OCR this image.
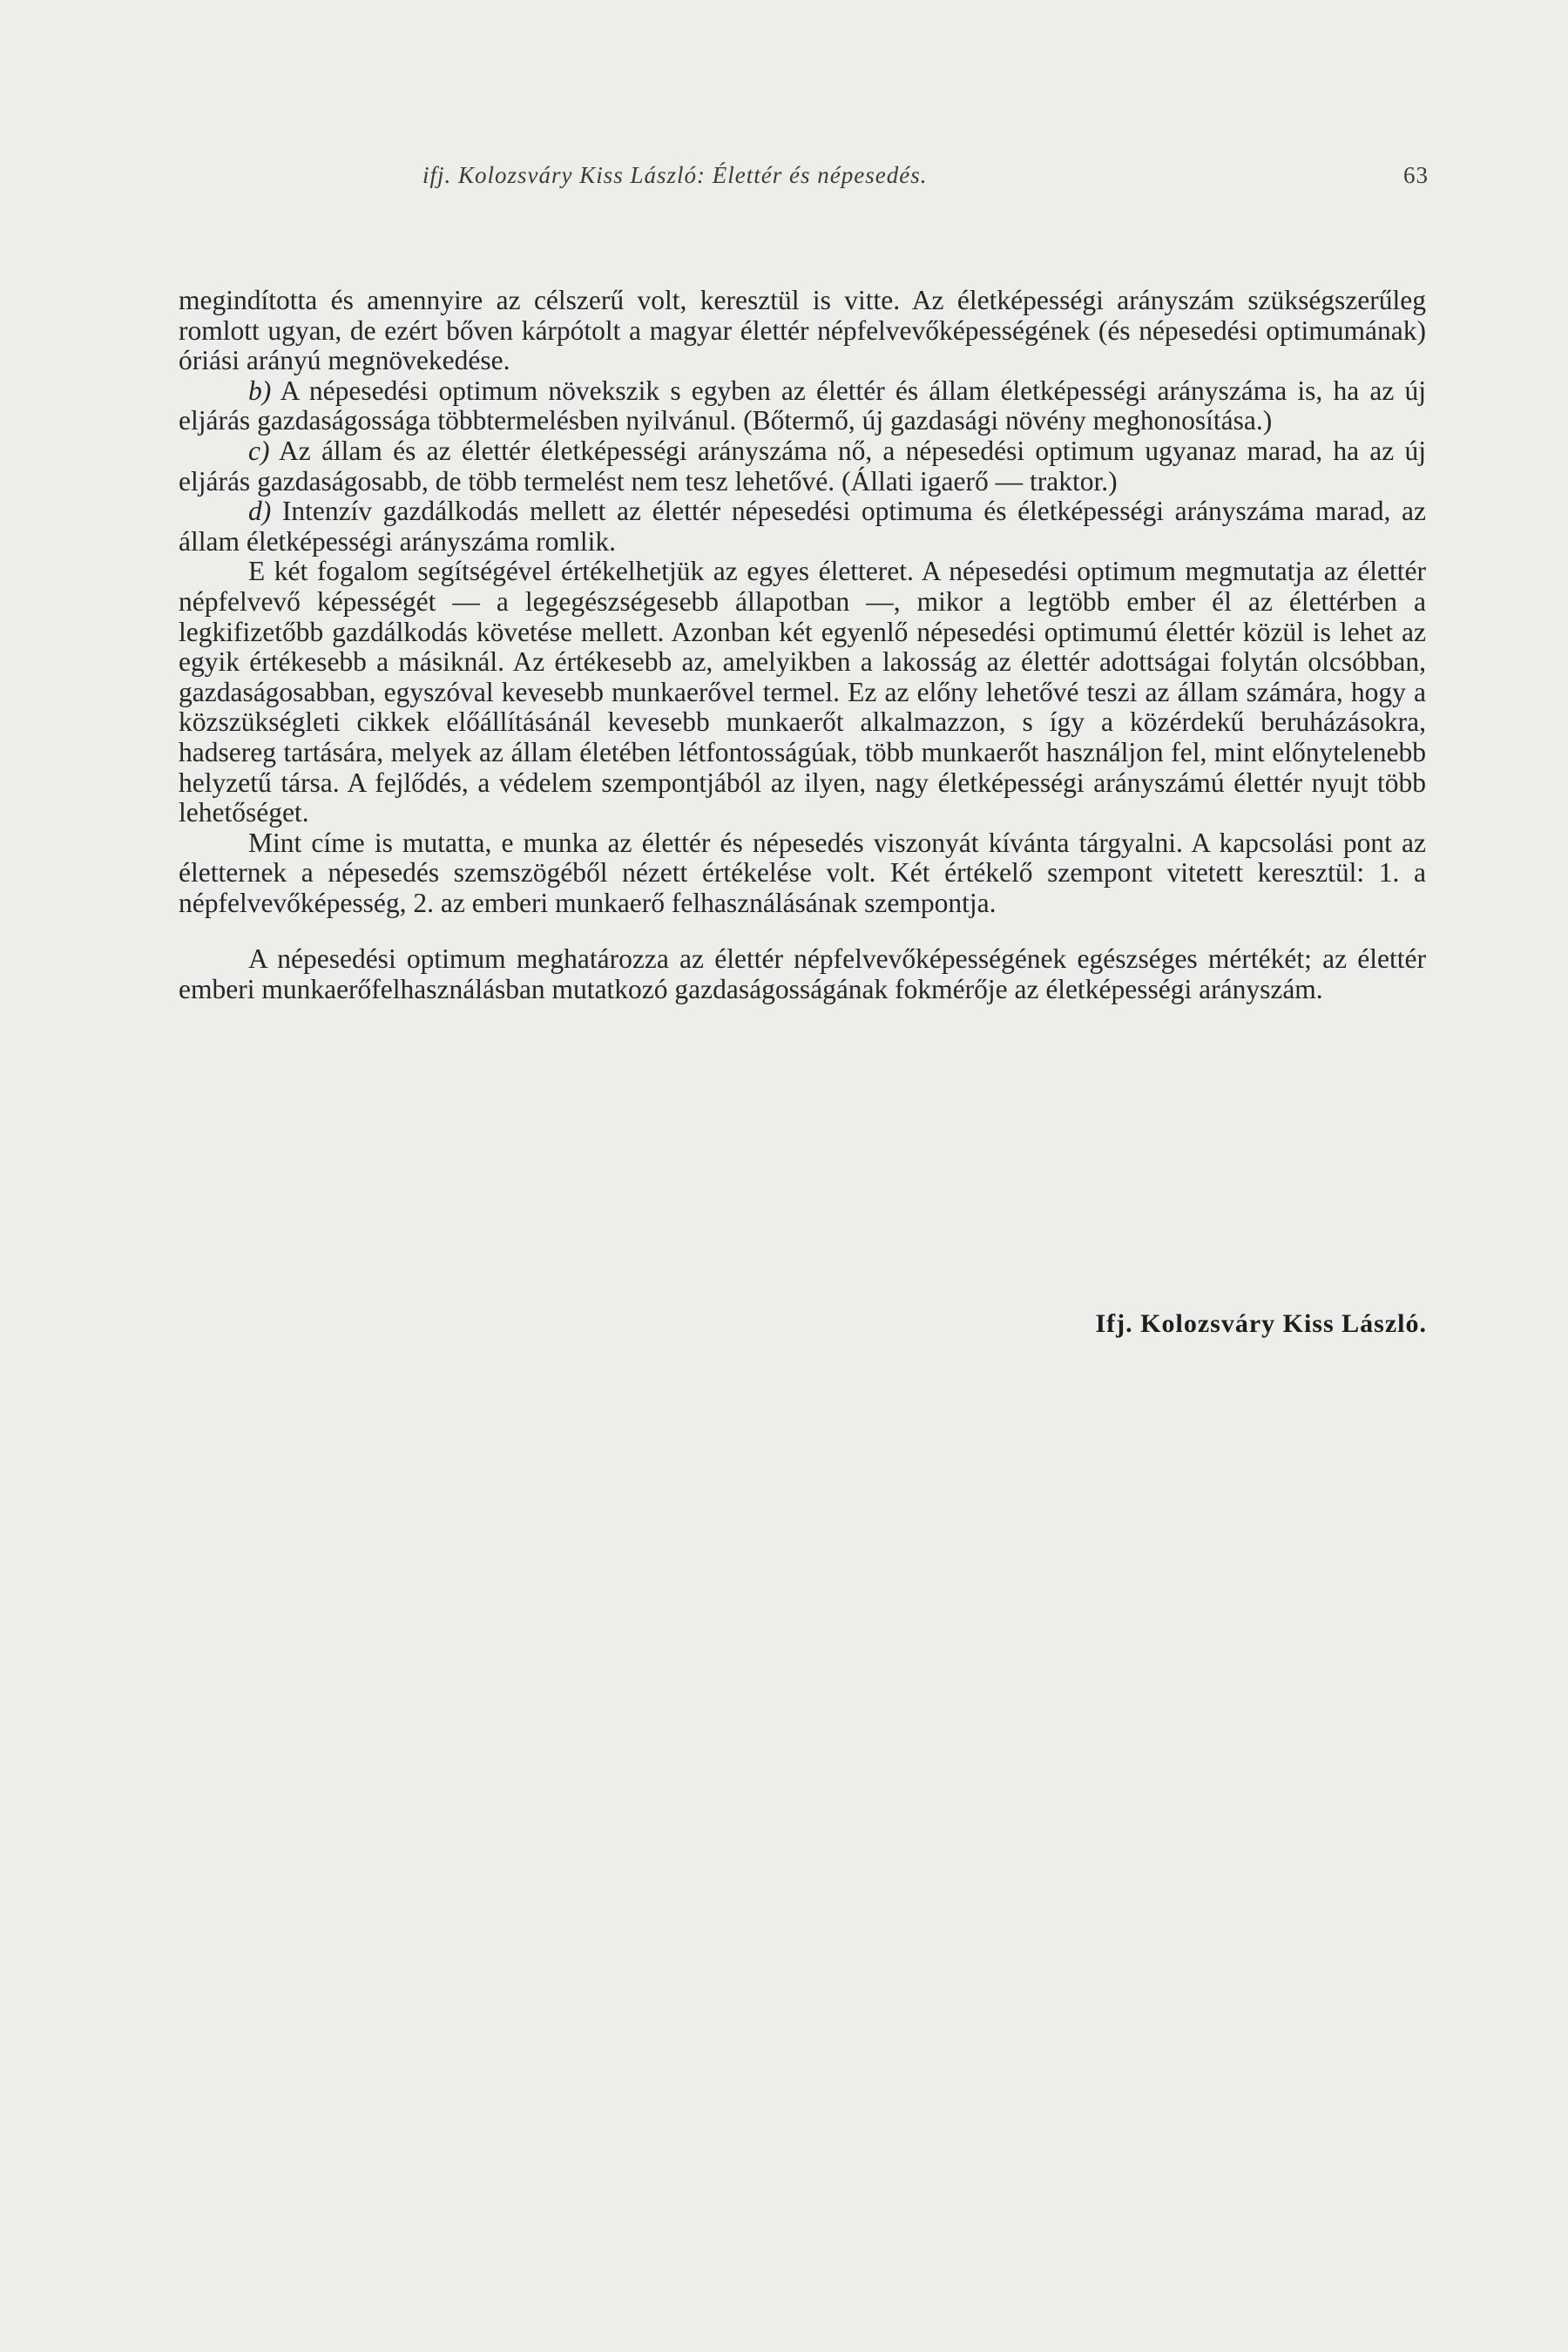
ifj. Kolozsváry Kiss László: Élettér és népesedés.	63

megindította és amennyire az célszerű volt, keresztül is vitte. Az életképességi arányszám szükségszerűleg romlott ugyan, de ezért bőven kárpótolt a magyar élettér népfelvevőképességének (és népesedési optimumának) óriási arányú megnövekedése.

b) A népesedési optimum növekszik s egyben az élettér és állam életképességi arányszáma is, ha az új eljárás gazdaságossága többtermelésben nyilvánul. (Bőtermő, új gazdasági növény meghonosítása.)

c) Az állam és az élettér életképességi arányszáma nő, a népesedési optimum ugyanaz marad, ha az új eljárás gazdaságosabb, de több termelést nem tesz lehetővé. (Állati igaerő — traktor.)

d) Intenzív gazdálkodás mellett az élettér népesedési optimuma és életképességi arányszáma marad, az állam életképességi arányszáma romlik.

E két fogalom segítségével értékelhetjük az egyes életteret. A népesedési optimum megmutatja az élettér népfelvevő képességét — a legegészségesebb állapotban —, mikor a legtöbb ember él az élettérben a legkifizetőbb gazdálkodás követése mellett. Azonban két egyenlő népesedési optimumú élettér közül is lehet az egyik értékesebb a másiknál. Az értékesebb az, amelyikben a lakosság az élettér adottságai folytán olcsóbban, gazdaságosabban, egyszóval kevesebb munkaerővel termel. Ez az előny lehetővé teszi az állam számára, hogy a közszükségleti cikkek előállításánál kevesebb munkaerőt alkalmazzon, s így a közérdekű beruházásokra, hadsereg tartására, melyek az állam életében létfontosságúak, több munkaerőt használjon fel, mint előnytelenebb helyzetű társa. A fejlődés, a védelem szempontjából az ilyen, nagy életképességi arányszámú élettér nyujt több lehetőséget.

Mint címe is mutatta, e munka az élettér és népesedés viszonyát kívánta tárgyalni. A kapcsolási pont az életternek a népesedés szemszögéből nézett értékelése volt. Két értékelő szempont vitetett keresztül: 1. a népfelvevőképesség, 2. az emberi munkaerő felhasználásának szempontja.

A népesedési optimum meghatározza az élettér népfelvevőképességének egészséges mértékét; az élettér emberi munkaerőfelhasználásban mutatkozó gazdaságosságának fokmérője az életképességi arányszám.

Ifj. Kolozsváry Kiss László.
